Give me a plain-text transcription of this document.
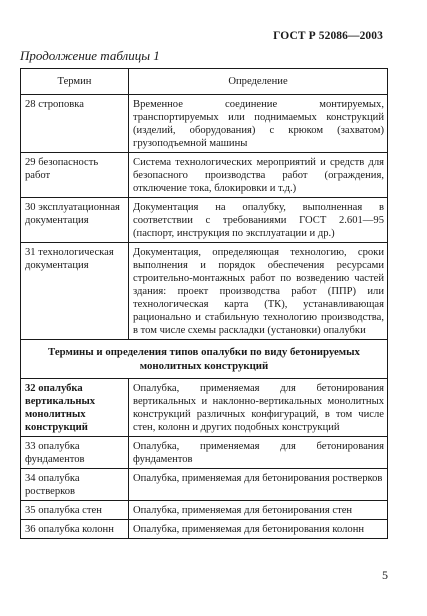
ГОСТ Р 52086—2003
Продолжение таблицы 1
Термин	Определение
28 строповка	Временное соединение монтируемых, транспортируемых или поднимаемых конструкций (изделий, оборудования) с крюком (захватом) грузоподъемной машины
29 безопасность работ	Система технологических мероприятий и средств для безопасного производства работ (ограждения, отключение тока, блокировки и т.д.)
30 эксплуатационная документация	Документация на опалубку, выполненная в соответствии с требованиями ГОСТ 2.601—95 (паспорт, инструкция по эксплуатации и др.)
31 технологическая документация	Документация, определяющая технологию, сроки выполнения и порядок обеспечения ресурсами строительно-монтажных работ по возведению частей здания: проект производства работ (ППР) или технологическая карта (ТК), устанавливающая рационально и стабильную технологию производства, в том числе схемы раскладки (установки) опалубки
Термины и определения типов опалубки по виду бетонируемых монолитных конструкций	
32 опалубка вертикальных монолитных конструкций	Опалубка, применяемая для бетонирования вертикальных и наклонно-вертикальных монолитных конструкций различных конфигураций, в том числе стен, колонн и других подобных конструкций
33 опалубка фундаментов	Опалубка, применяемая для бетонирования фундаментов
34 опалубка ростверков	Опалубка, применяемая для бетонирования ростверков
35 опалубка стен	Опалубка, применяемая для бетонирования стен
36 опалубка колонн	Опалубка, применяемая для бетонирования колонн
5
